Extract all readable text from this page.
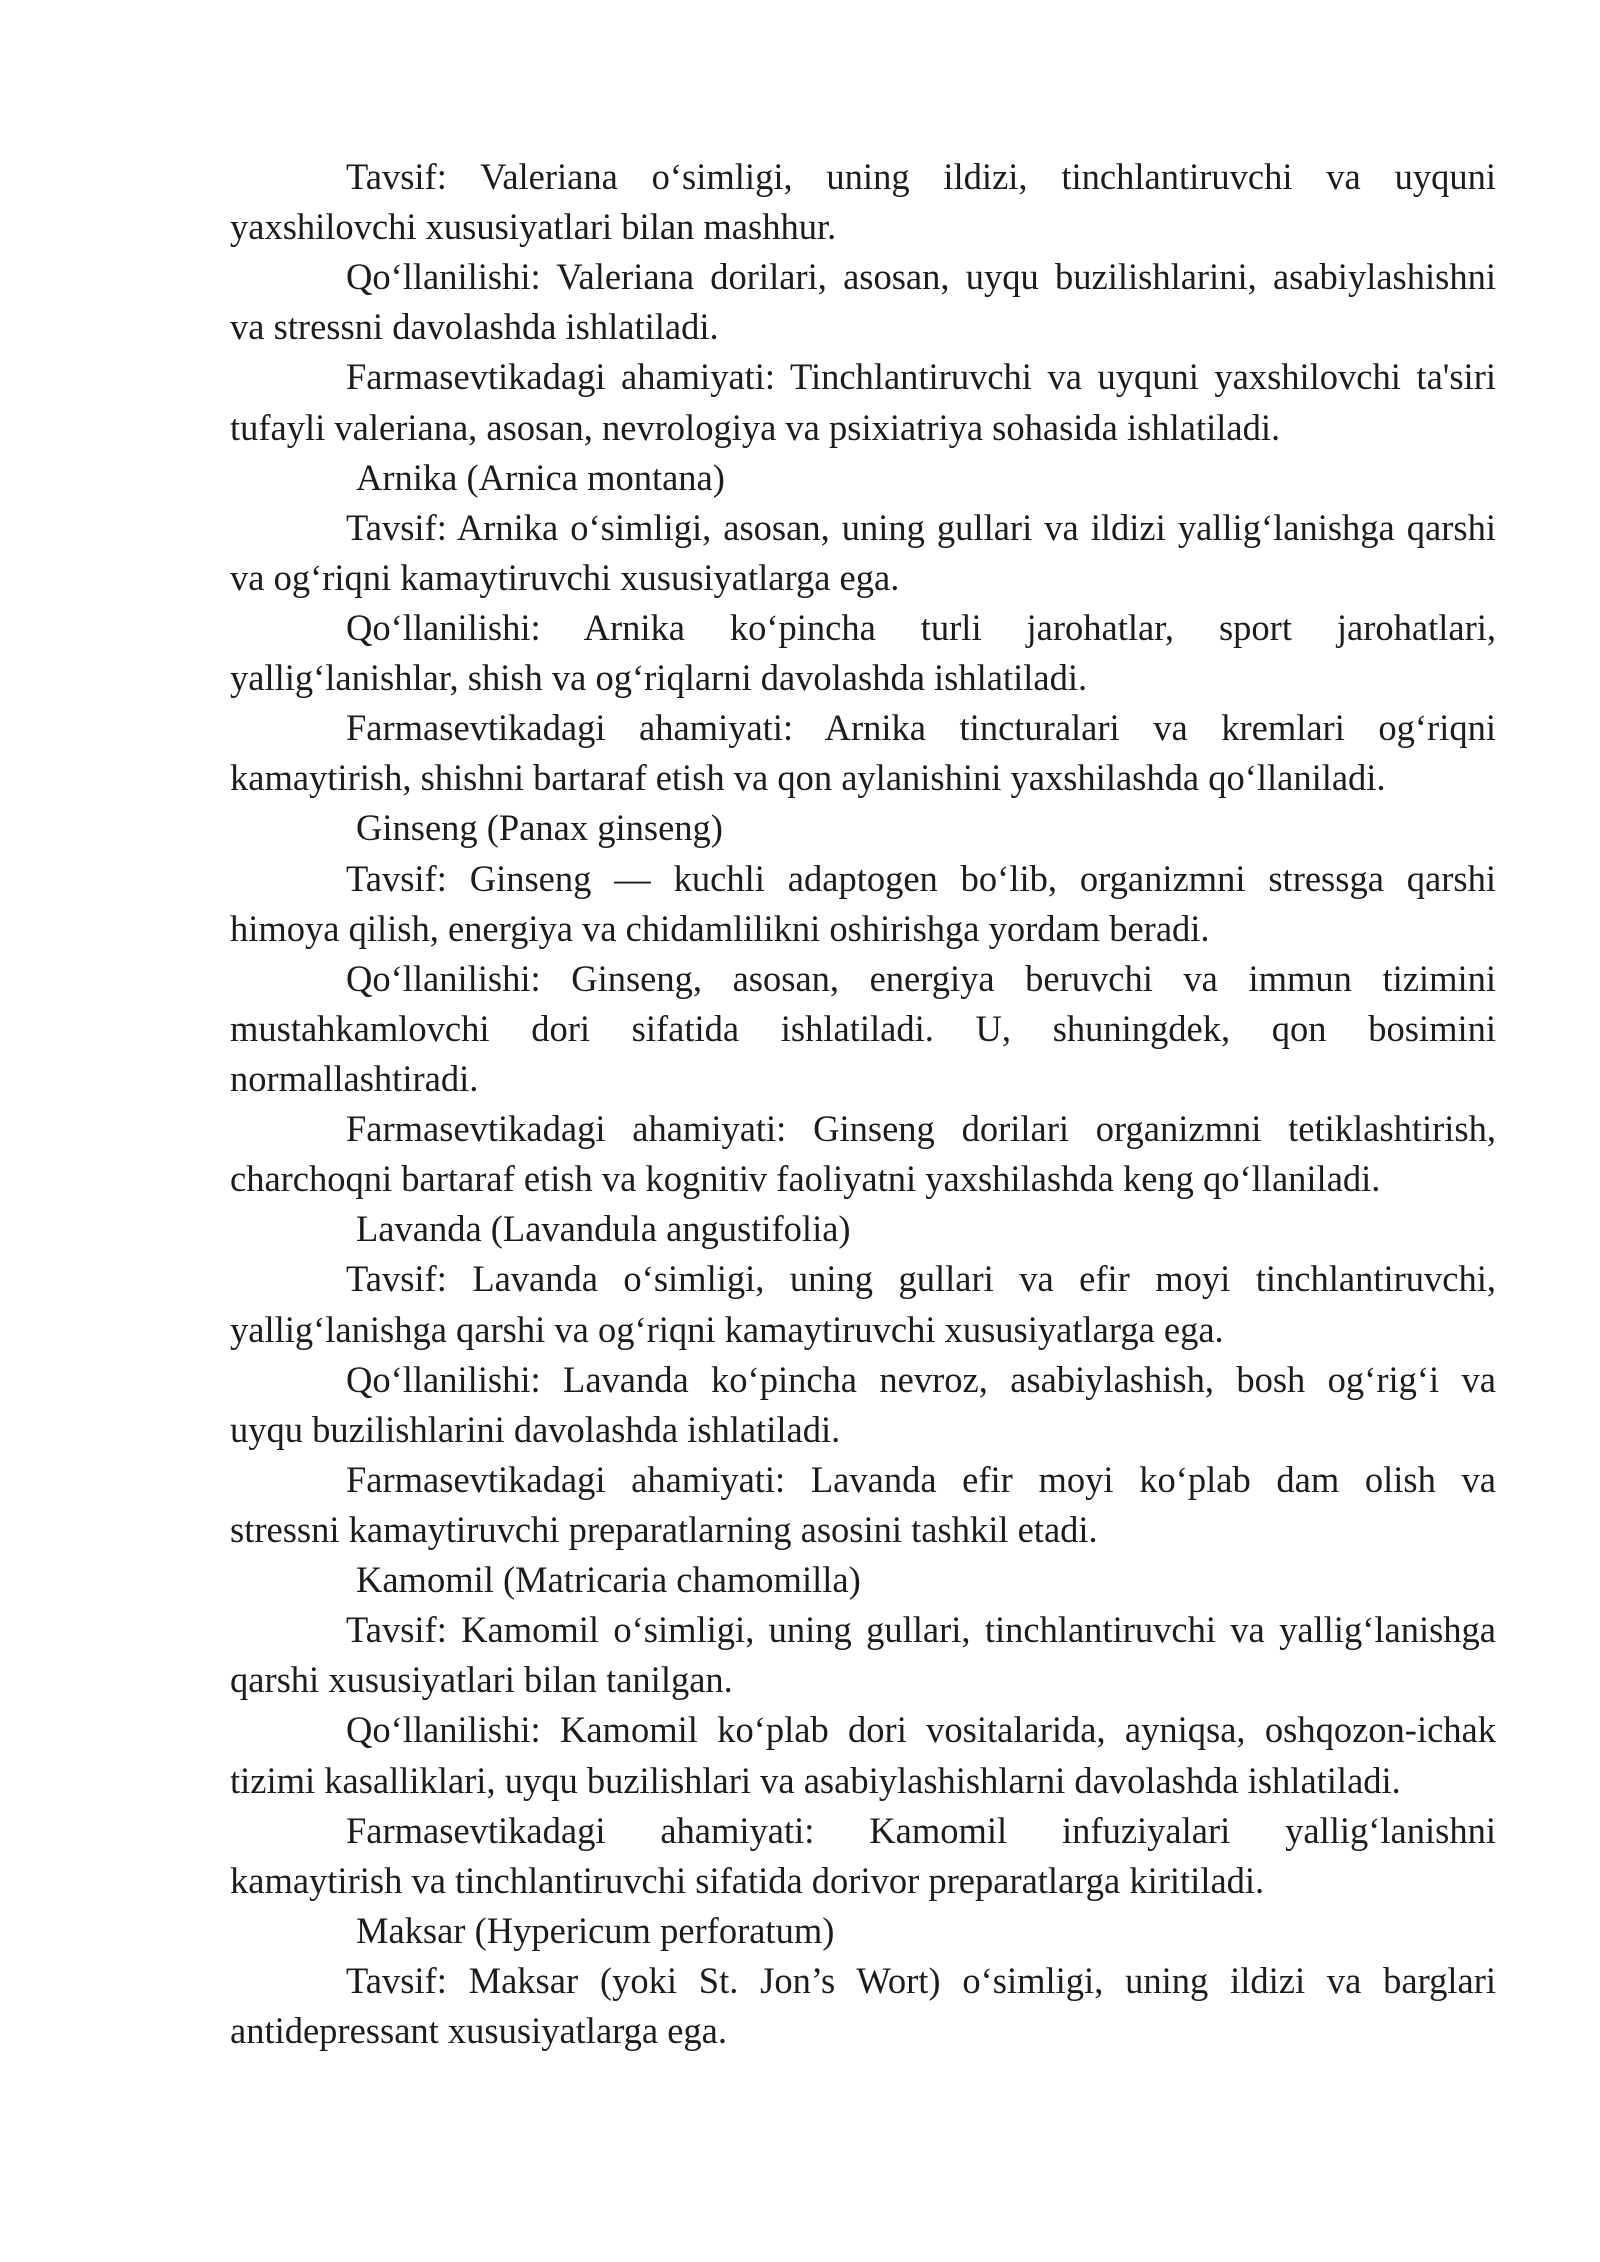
Tavsif: Valeriana o‘simligi, uning ildizi, tinchlantiruvchi va uyquni
yaxshilovchi xususiyatlari bilan mashhur.
Qo‘llanilishi: Valeriana dorilari, asosan, uyqu buzilishlarini, asabiylashishni
va stressni davolashda ishlatiladi.
Farmasevtikadagi ahamiyati: Tinchlantiruvchi va uyquni yaxshilovchi ta'siri
tufayli valeriana, asosan, nevrologiya va psixiatriya sohasida ishlatiladi.
Arnika (Arnica montana)
Tavsif: Arnika o‘simligi, asosan, uning gullari va ildizi yallig‘lanishga qarshi
va og‘riqni kamaytiruvchi xususiyatlarga ega.
Qo‘llanilishi: Arnika ko‘pincha turli jarohatlar, sport jarohatlari,
yallig‘lanishlar, shish va og‘riqlarni davolashda ishlatiladi.
Farmasevtikadagi ahamiyati: Arnika tincturalari va kremlari og‘riqni
kamaytirish, shishni bartaraf etish va qon aylanishini yaxshilashda qo‘llaniladi.
Ginseng (Panax ginseng)
Tavsif: Ginseng — kuchli adaptogen bo‘lib, organizmni stressga qarshi
himoya qilish, energiya va chidamlilikni oshirishga yordam beradi.
Qo‘llanilishi: Ginseng, asosan, energiya beruvchi va immun tizimini
mustahkamlovchi dori sifatida ishlatiladi. U, shuningdek, qon bosimini
normallashtiradi.
Farmasevtikadagi ahamiyati: Ginseng dorilari organizmni tetiklashtirish,
charchoqni bartaraf etish va kognitiv faoliyatni yaxshilashda keng qo‘llaniladi.
Lavanda (Lavandula angustifolia)
Tavsif: Lavanda o‘simligi, uning gullari va efir moyi tinchlantiruvchi,
yallig‘lanishga qarshi va og‘riqni kamaytiruvchi xususiyatlarga ega.
Qo‘llanilishi: Lavanda ko‘pincha nevroz, asabiylashish, bosh og‘rig‘i va
uyqu buzilishlarini davolashda ishlatiladi.
Farmasevtikadagi ahamiyati: Lavanda efir moyi ko‘plab dam olish va
stressni kamaytiruvchi preparatlarning asosini tashkil etadi.
Kamomil (Matricaria chamomilla)
Tavsif: Kamomil o‘simligi, uning gullari, tinchlantiruvchi va yallig‘lanishga
qarshi xususiyatlari bilan tanilgan.
Qo‘llanilishi: Kamomil ko‘plab dori vositalarida, ayniqsa, oshqozon-ichak
tizimi kasalliklari, uyqu buzilishlari va asabiylashishlarni davolashda ishlatiladi.
Farmasevtikadagi ahamiyati: Kamomil infuziyalari yallig‘lanishni
kamaytirish va tinchlantiruvchi sifatida dorivor preparatlarga kiritiladi.
Maksar (Hypericum perforatum)
Tavsif: Maksar (yoki St. Jon’s Wort) o‘simligi, uning ildizi va barglari
antidepressant xususiyatlarga ega.
